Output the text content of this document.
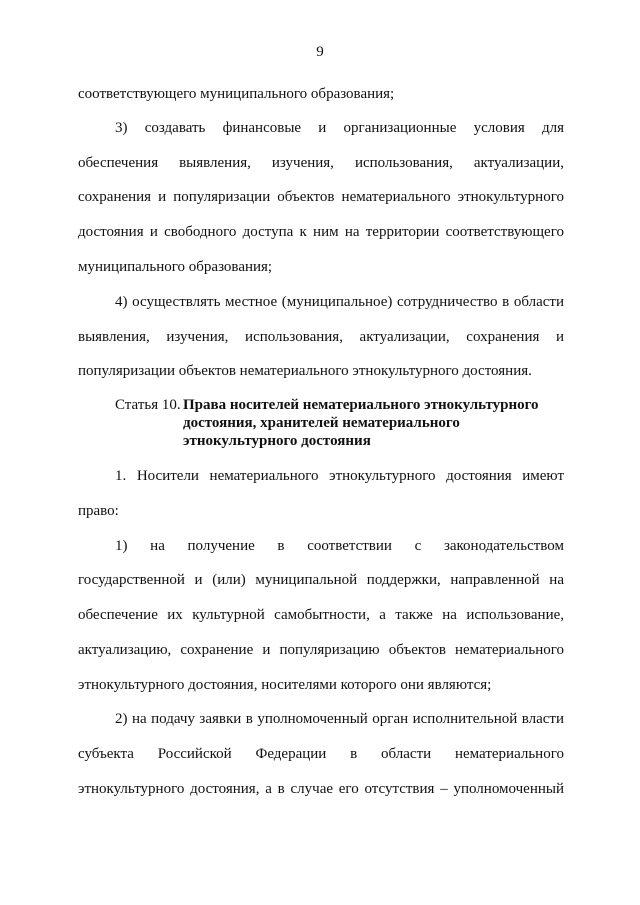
9
соответствующего муниципального образования;
3) создавать финансовые и организационные условия для
обеспечения выявления, изучения, использования, актуализации,
сохранения и популяризации объектов нематериального этнокультурного
достояния и свободного доступа к ним на территории соответствующего
муниципального образования;
4) осуществлять местное (муниципальное) сотрудничество в области
выявления, изучения, использования, актуализации, сохранения и
популяризации объектов нематериального этнокультурного достояния.
Статья 10. Права носителей нематериального этнокультурного
достояния, хранителей нематериального
этнокультурного достояния
1. Носители нематериального этнокультурного достояния имеют
право:
1) на получение в соответствии с законодательством
государственной и (или) муниципальной поддержки, направленной на
обеспечение их культурной самобытности, а также на использование,
актуализацию, сохранение и популяризацию объектов нематериального
этнокультурного достояния, носителями которого они являются;
2) на подачу заявки в уполномоченный орган исполнительной власти
субъекта Российской Федерации в области нематериального
этнокультурного достояния, а в случае его отсутствия – уполномоченный
